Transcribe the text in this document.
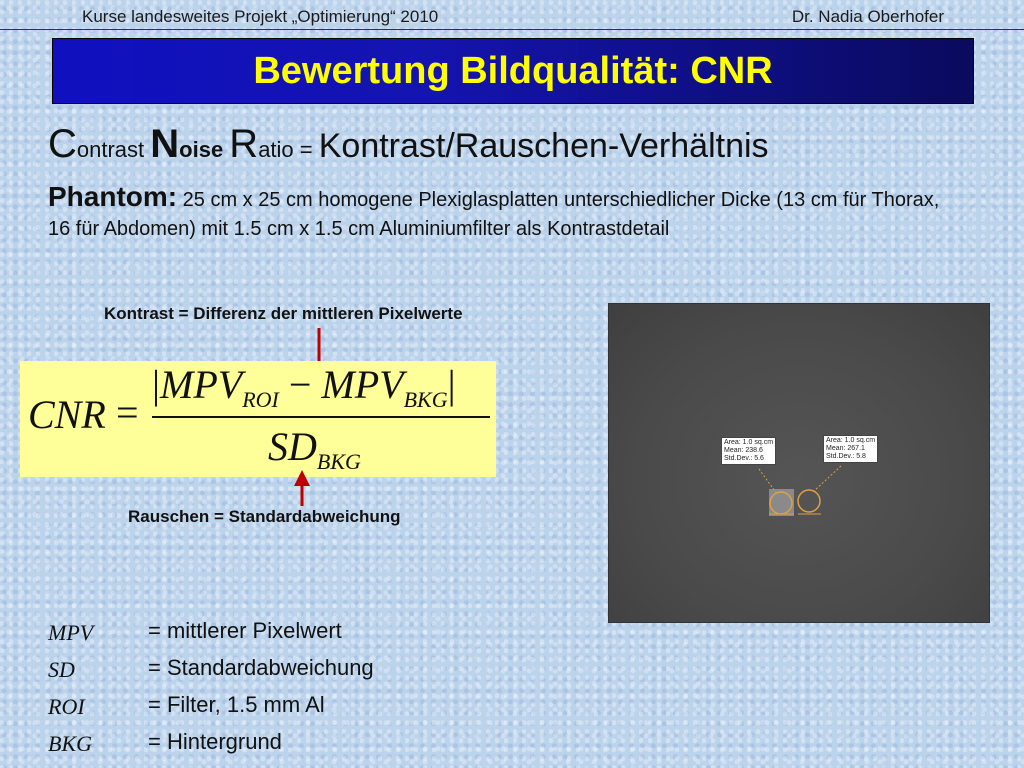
Kurse landesweites Projekt „Optimierung“ 2010	Dr. Nadia Oberhofer
Bewertung Bildqualität: CNR
Contrast Noise Ratio = Kontrast/Rauschen-Verhältnis
Phantom: 25 cm x 25 cm homogene Plexiglasplatten unterschiedlicher Dicke (13 cm für Thorax, 16 für Abdomen) mit 1.5 cm x 1.5 cm Aluminiumfilter als Kontrastdetail
Kontrast = Differenz der mittleren Pixelwerte
CNR =
$|MPV_{ROI} - MPV_{BKG}|$
$SD_{BKG}$
Rauschen = Standardabweichung
Area: 1.0 sq.cm
Mean: 238.6
Std.Dev.: 5.6
Area: 1.0 sq.cm
Mean: 267.1
Std.Dev.: 5.8
MPV = mittlerer Pixelwert
SD	= Standardabweichung
ROI	= Filter, 1.5 mm Al
BKG	= Hintergrund
